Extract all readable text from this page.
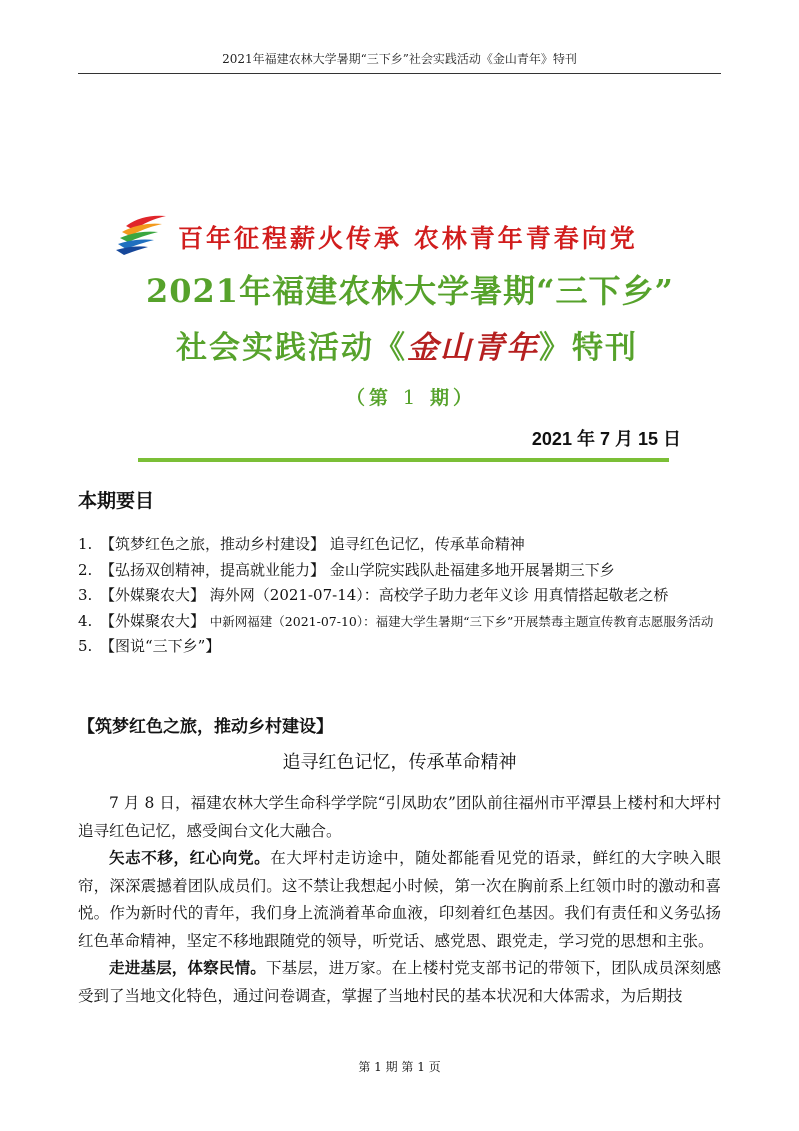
2021年福建农林大学暑期“三下乡”社会实践活动《金山青年》特刊
百年征程薪火传承 农林青年青春向党
2021年福建农林大学暑期“三下乡”
社会实践活动《金山青年》特刊
（第 1 期）
2021 年 7 月 15 日
本期要目
1. 【筑梦红色之旅，推动乡村建设】 追寻红色记忆，传承革命精神
2. 【弘扬双创精神，提高就业能力】 金山学院实践队赴福建多地开展暑期三下乡
3. 【外媒聚农大】 海外网（2021-07-14）：高校学子助力老年义诊 用真情搭起敬老之桥
4. 【外媒聚农大】 中新网福建（2021-07-10）：福建大学生暑期“三下乡”开展禁毒主题宣传教育志愿服务活动
5. 【图说“三下乡”】
【筑梦红色之旅，推动乡村建设】
追寻红色记忆，传承革命精神

7 月 8 日，福建农林大学生命科学学院“引凤助农”团队前往福州市平潭县上楼村和大坪村追寻红色记忆，感受闽台文化大融合。

矢志不移，红心向党。在大坪村走访途中，随处都能看见党的语录，鲜红的大字映入眼帘，深深震撼着团队成员们。这不禁让我想起小时候，第一次在胸前系上红领巾时的激动和喜悦。作为新时代的青年，我们身上流淌着革命血液，印刻着红色基因。我们有责任和义务弘扬红色革命精神，坚定不移地跟随党的领导，听党话、感党恩、跟党走，学习党的思想和主张。

走进基层，体察民情。下基层，进万家。在上楼村党支部书记的带领下，团队成员深刻感受到了当地文化特色，通过问卷调查，掌握了当地村民的基本状况和大体需求，为后期技

第 1 期 第 1 页
